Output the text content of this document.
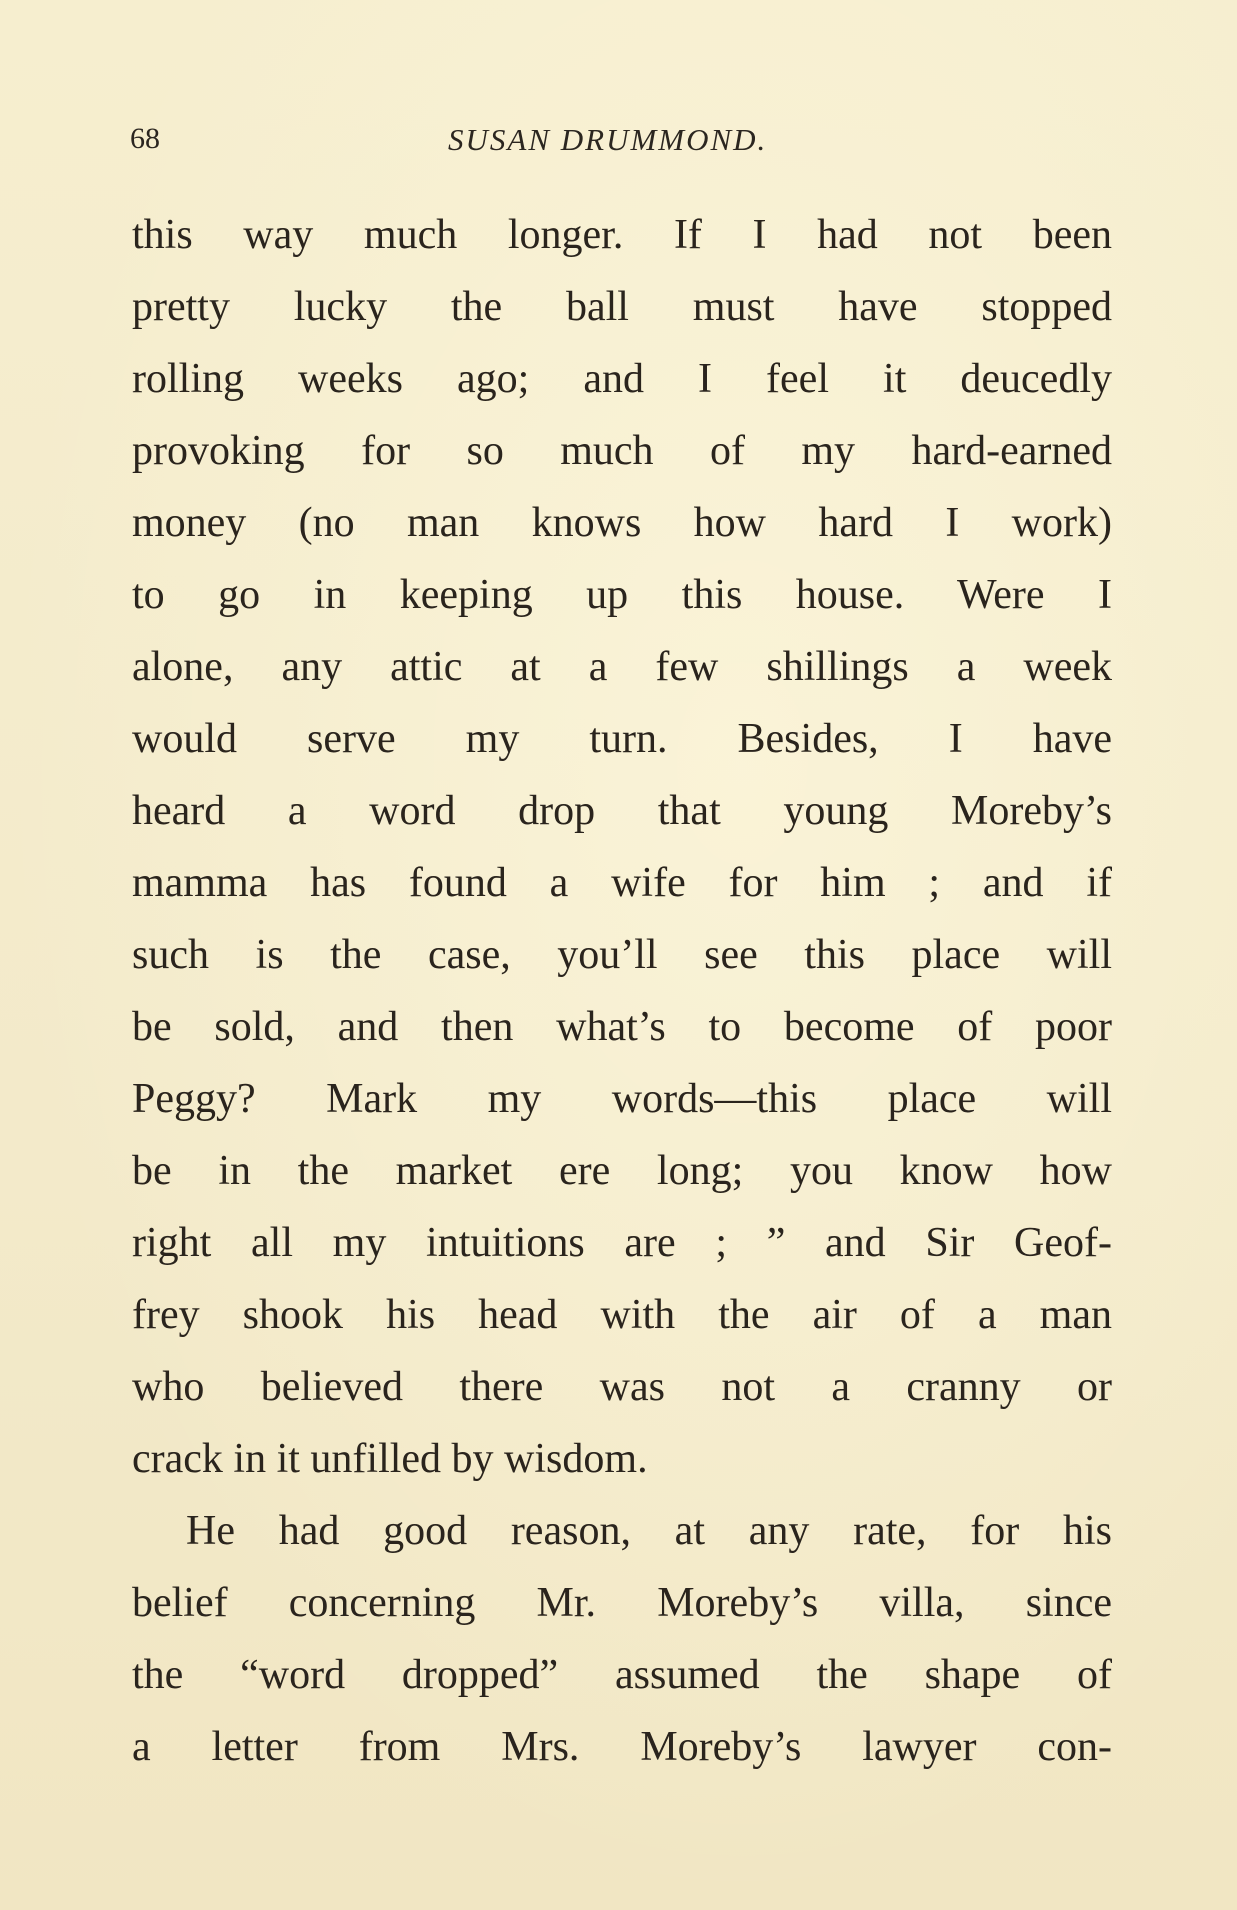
68	SUSAN DRUMMOND.
this way much longer. If I had not been
pretty lucky the ball must have stopped
rolling weeks ago; and I feel it deucedly
provoking for so much of my hard-earned
money (no man knows how hard I work)
to go in keeping up this house. Were I
alone, any attic at a few shillings a week
would serve my turn. Besides, I have
heard a word drop that young Moreby’s
mamma has found a wife for him ; and if
such is the case, you’ll see this place will
be sold, and then what’s to become of poor
Peggy? Mark my words—this place will
be in the market ere long; you know how
right all my intuitions are ; ” and Sir Geof-
frey shook his head with the air of a man
who believed there was not a cranny or
crack in it unfilled by wisdom.
He had good reason, at any rate, for his
belief concerning Mr. Moreby’s villa, since
the “word dropped” assumed the shape of
a letter from Mrs. Moreby’s lawyer con-
